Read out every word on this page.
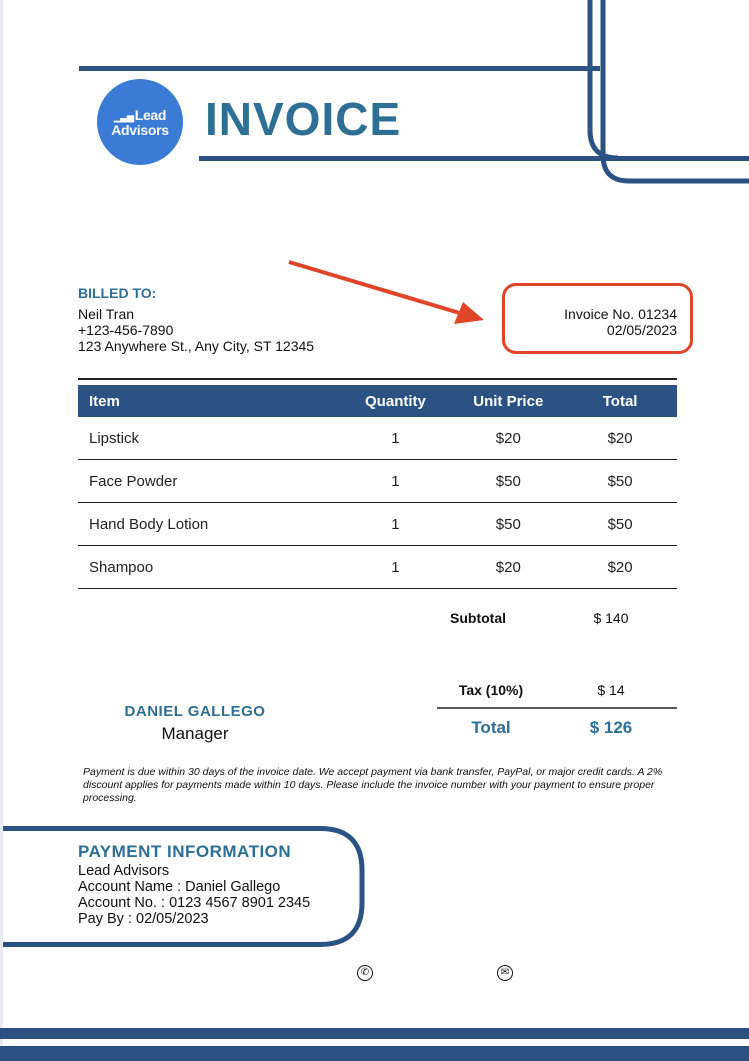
▁▃▅Lead
Advisors INVOICE
BILLED TO:
Neil Tran
+123-456-7890
123 Anywhere St., Any City, ST 12345
Invoice No. 01234
02/05/2023
Item	Quantity	Unit Price	Total
Lipstick	1	$20	$20
Face Powder	1	$50	$50
Hand Body Lotion	1	$50	$50
Shampoo	1	$20	$20
Subtotal	$ 140
Tax (10%)	$ 14
Total	$ 126
DANIEL GALLEGO
Manager
Payment is due within 30 days of the invoice date. We accept payment via bank transfer, PayPal, or major credit cards. A 2% discount applies for payments made within 10 days. Please include the invoice number with your payment to ensure proper processing.
PAYMENT INFORMATION
Lead Advisors
Account Name : Daniel Gallego
Account No. : 0123 4567 8901 2345
Pay By : 02/05/2023
✆	✉
